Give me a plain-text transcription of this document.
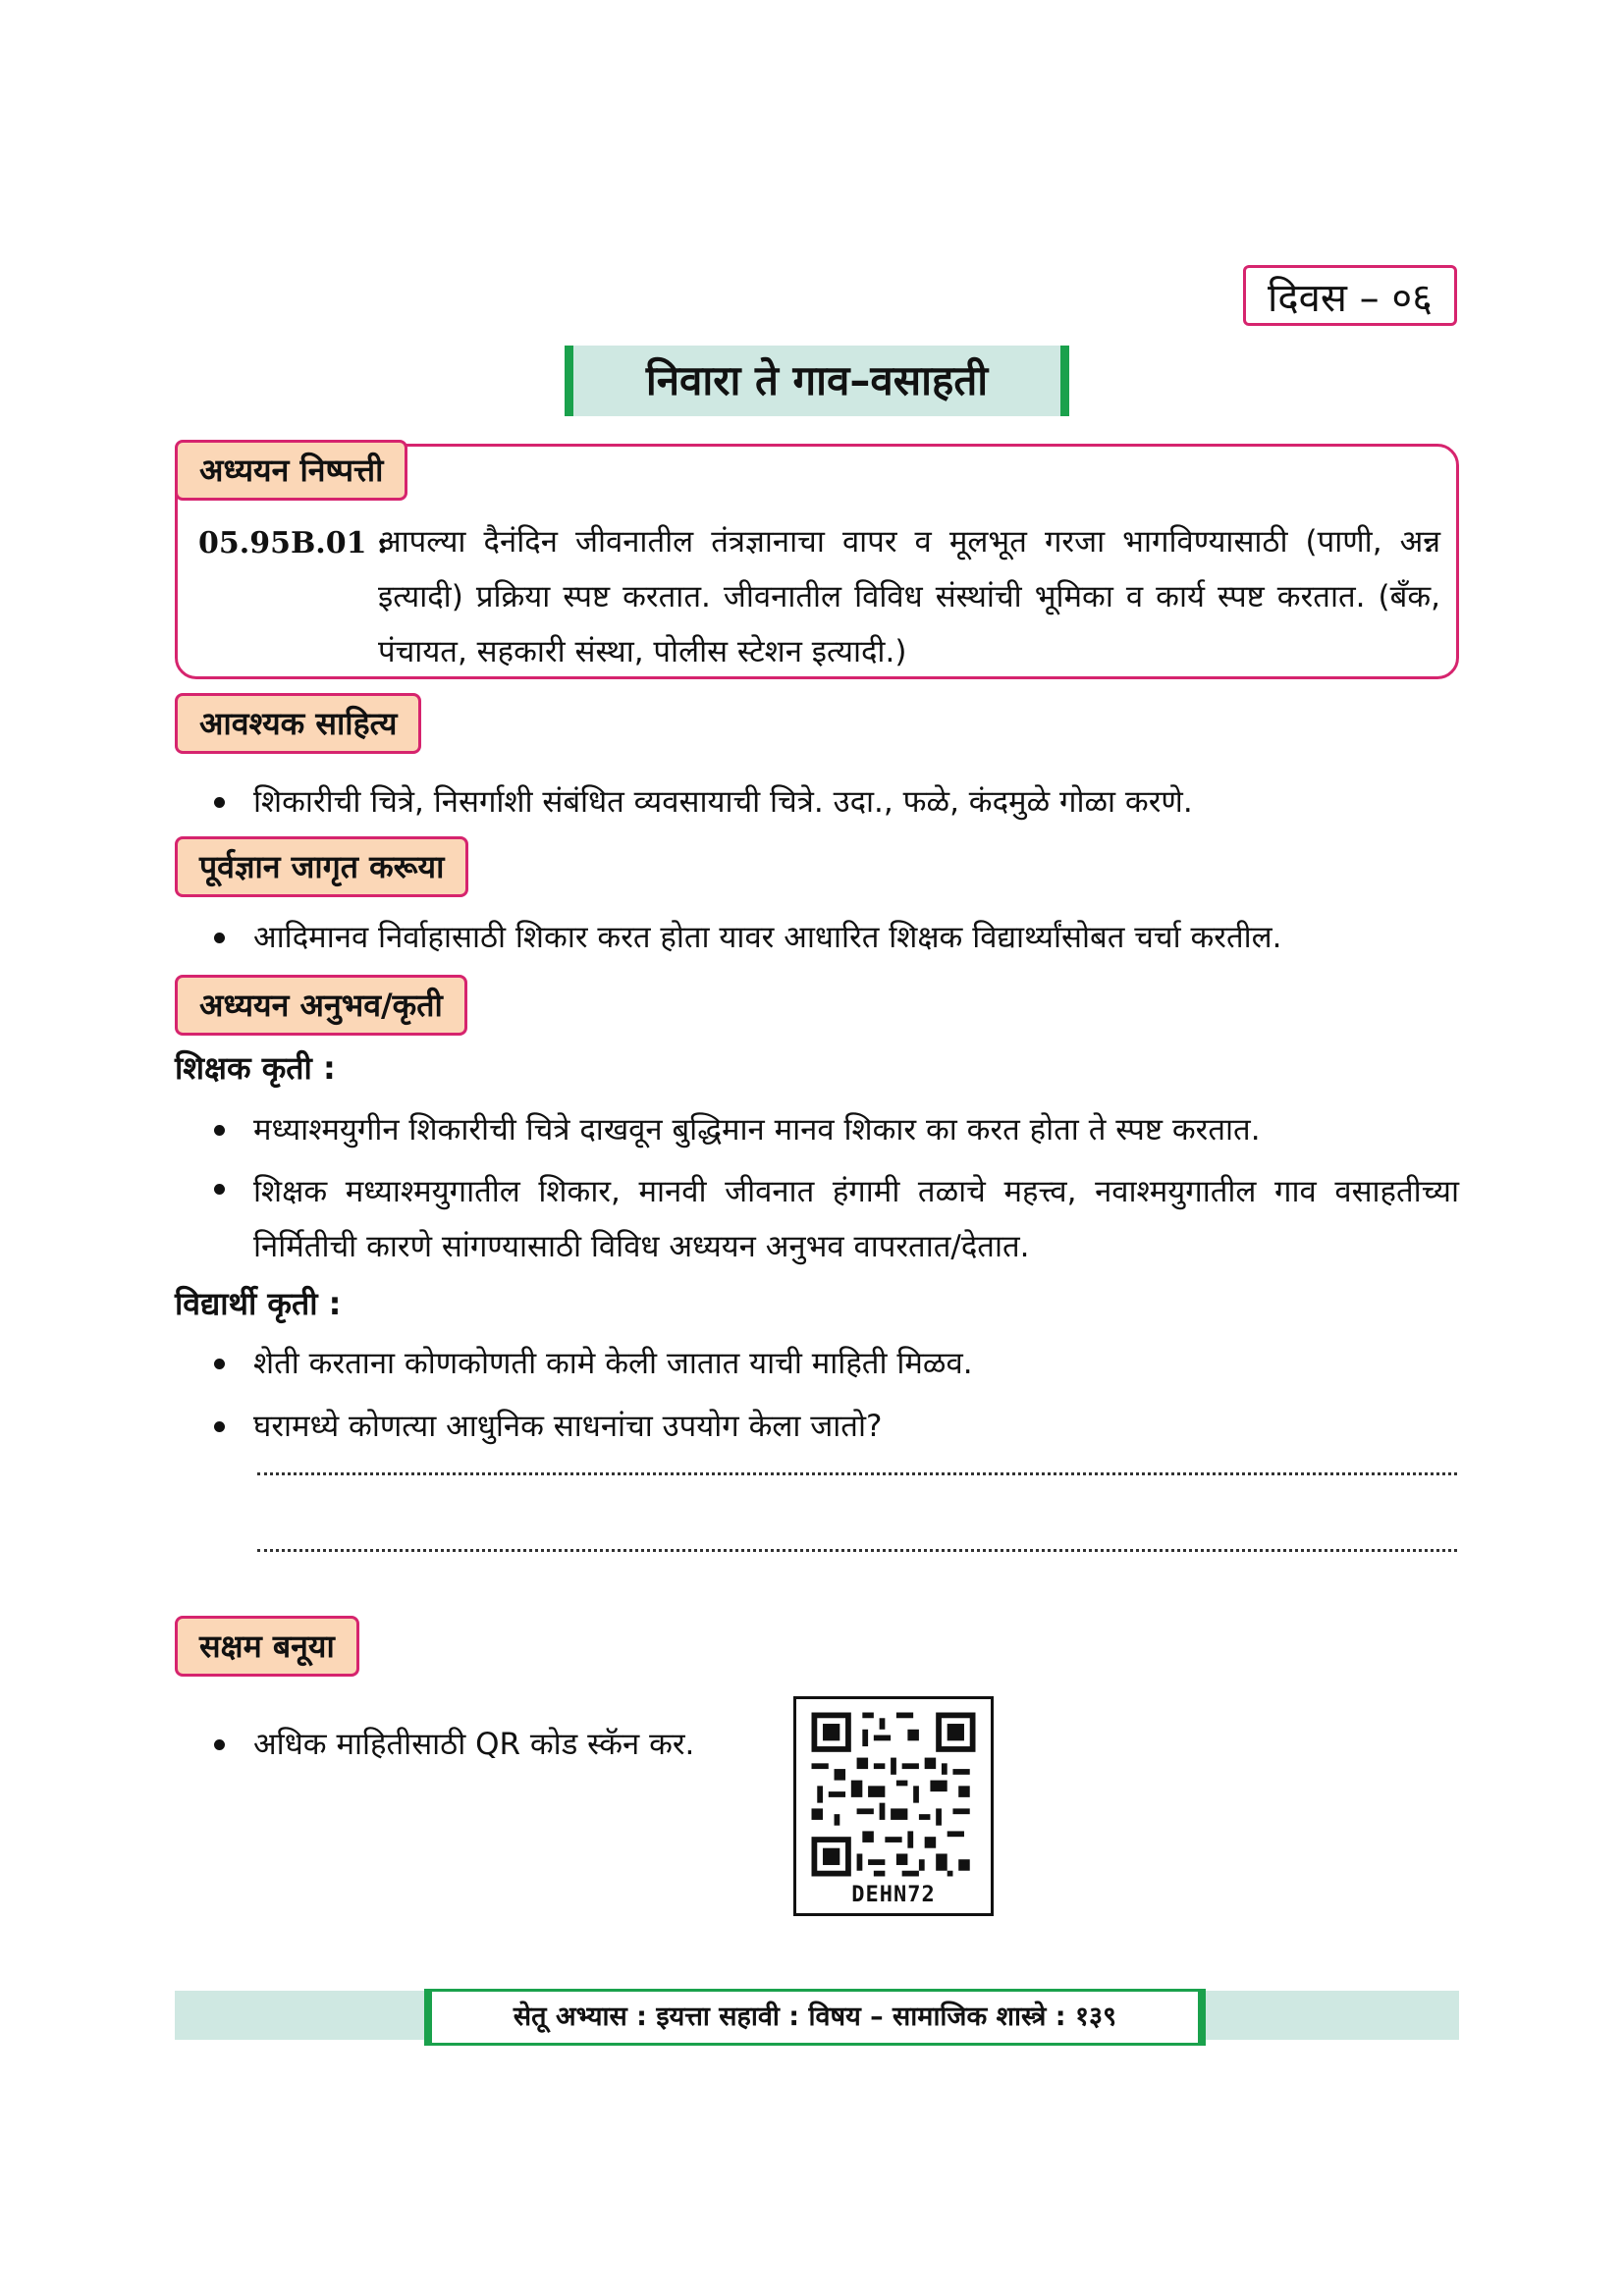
दिवस – ०६
निवारा ते गाव–वसाहती
अध्ययन निष्पत्ती
05.95B.01 :
आपल्या दैनंदिन जीवनातील तंत्रज्ञानाचा वापर व मूलभूत गरजा भागविण्यासाठी (पाणी, अन्न इत्यादी) प्रक्रिया स्पष्ट करतात. जीवनातील विविध संस्थांची भूमिका व कार्य स्पष्ट करतात. (बँक, पंचायत, सहकारी संस्था, पोलीस स्टेशन इत्यादी.)
आवश्यक साहित्य
शिकारीची चित्रे, निसर्गाशी संबंधित व्यवसायाची चित्रे. उदा., फळे, कंदमुळे गोळा करणे.
पूर्वज्ञान जागृत करूया
आदिमानव निर्वाहासाठी शिकार करत होता यावर आधारित शिक्षक विद्यार्थ्यांसोबत चर्चा करतील.
अध्ययन अनुभव/कृती
शिक्षक कृती :
मध्याश्मयुगीन शिकारीची चित्रे दाखवून बुद्धिमान मानव शिकार का करत होता ते स्पष्ट करतात.
शिक्षक मध्याश्मयुगातील शिकार, मानवी जीवनात हंगामी तळाचे महत्त्व, नवाश्मयुगातील गाव वसाहतीच्या निर्मितीची कारणे सांगण्यासाठी विविध अध्ययन अनुभव वापरतात/देतात.
विद्यार्थी कृती :
शेती करताना कोणकोणती कामे केली जातात याची माहिती मिळव.
घरामध्ये कोणत्या आधुनिक साधनांचा उपयोग केला जातो?
सक्षम बनूया
अधिक माहितीसाठी QR कोड स्कॅन कर.
DEHN72
सेतू अभ्यास : इयत्ता सहावी : विषय – सामाजिक शास्त्रे : १३९
